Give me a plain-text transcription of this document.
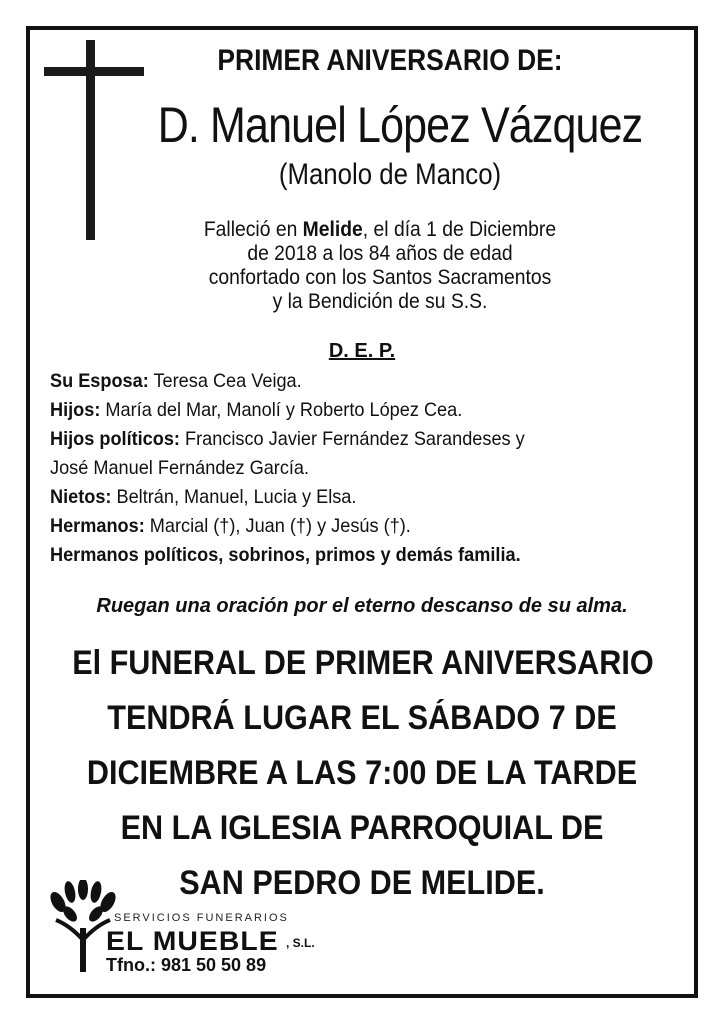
PRIMER ANIVERSARIO DE:
D. Manuel López Vázquez
(Manolo de Manco)
Falleció en Melide, el día 1 de Diciembre
de 2018 a los 84 años de edad
confortado con los Santos Sacramentos
y la Bendición de su S.S.
D. E. P.
Su Esposa: Teresa Cea Veiga.
Hijos: María del Mar, Manolí y Roberto López Cea.
Hijos políticos: Francisco Javier Fernández Sarandeses y
José Manuel Fernández García.
Nietos: Beltrán, Manuel, Lucia y Elsa.
Hermanos: Marcial (†), Juan (†) y Jesús (†).
Hermanos políticos, sobrinos, primos y demás familia.
Ruegan una oración por el eterno descanso de su alma.
El FUNERAL DE PRIMER ANIVERSARIO
TENDRÁ LUGAR EL SÁBADO 7 DE
DICIEMBRE A LAS 7:00 DE LA TARDE
EN LA IGLESIA PARROQUIAL DE
SAN PEDRO DE MELIDE.
SERVICIOS FUNERARIOS
EL MUEBLE , S.L.
Tfno.: 981 50 50 89
